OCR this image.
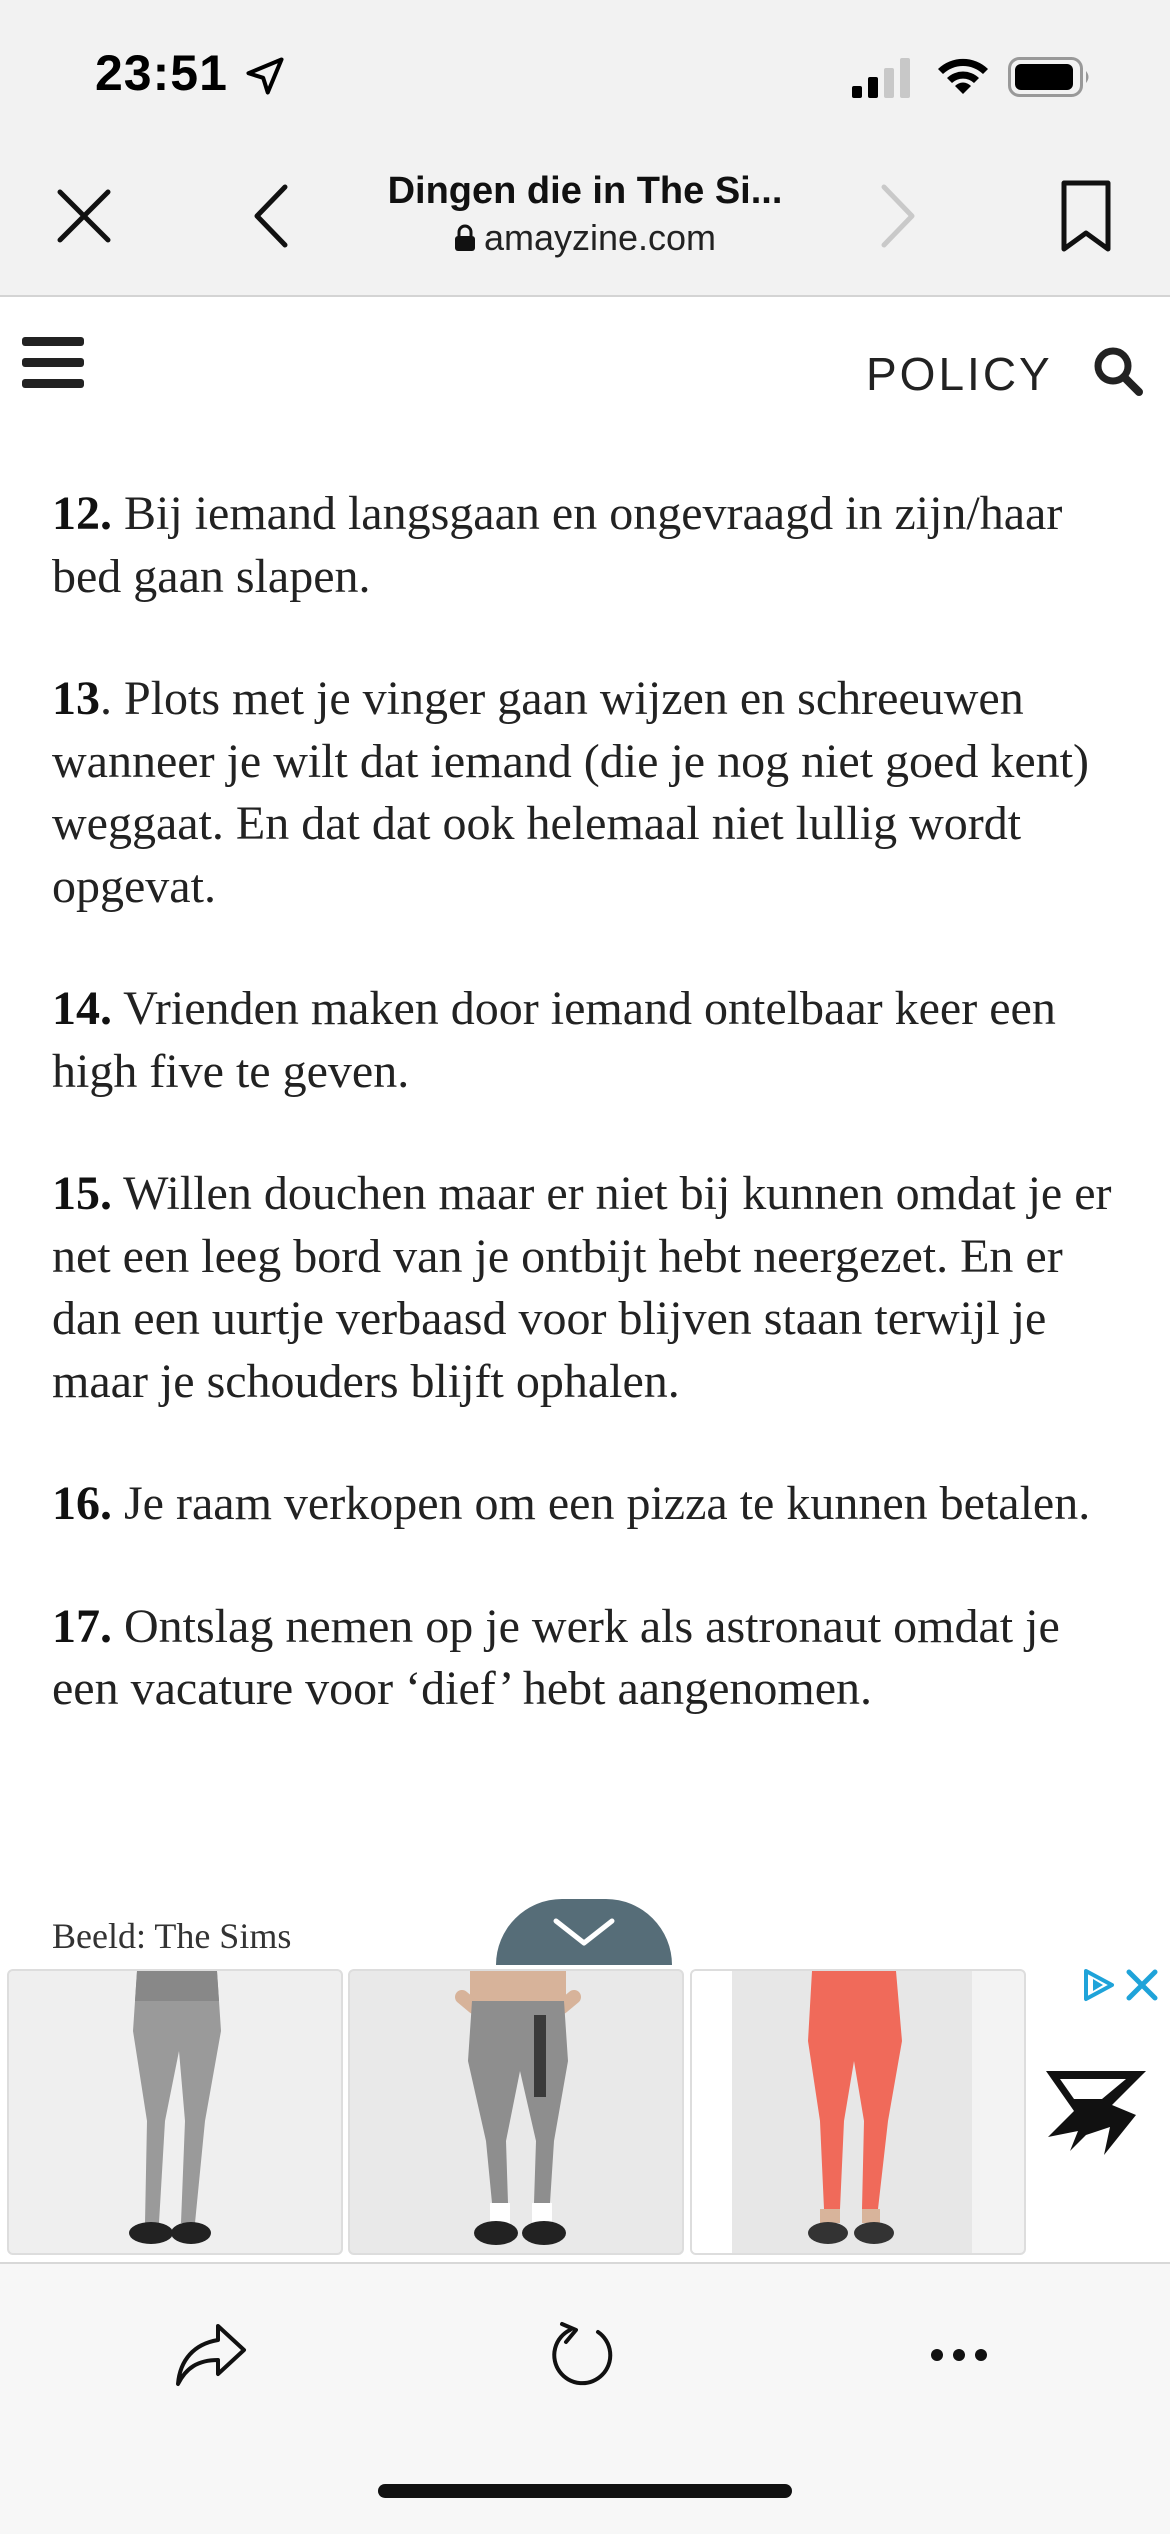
23:51
Dingen die in The Si...
amayzine.com
POLICY

12. Bij iemand langsgaan en ongevraagd in zijn/haar bed gaan slapen.

13. Plots met je vinger gaan wijzen en schreeuwen wanneer je wilt dat iemand (die je nog niet goed kent) weggaat. En dat dat ook helemaal niet lullig wordt opgevat.

14. Vrienden maken door iemand ontelbaar keer een high five te geven.

15. Willen douchen maar er niet bij kunnen omdat je er net een leeg bord van je ontbijt hebt neergezet. En er dan een uurtje verbaasd voor blijven staan terwijl je maar je schouders blijft ophalen.

16. Je raam verkopen om een pizza te kunnen betalen.

17. Ontslag nemen op je werk als astronaut omdat je een vacature voor ‘dief’ hebt aangenomen.

Beeld: The Sims
